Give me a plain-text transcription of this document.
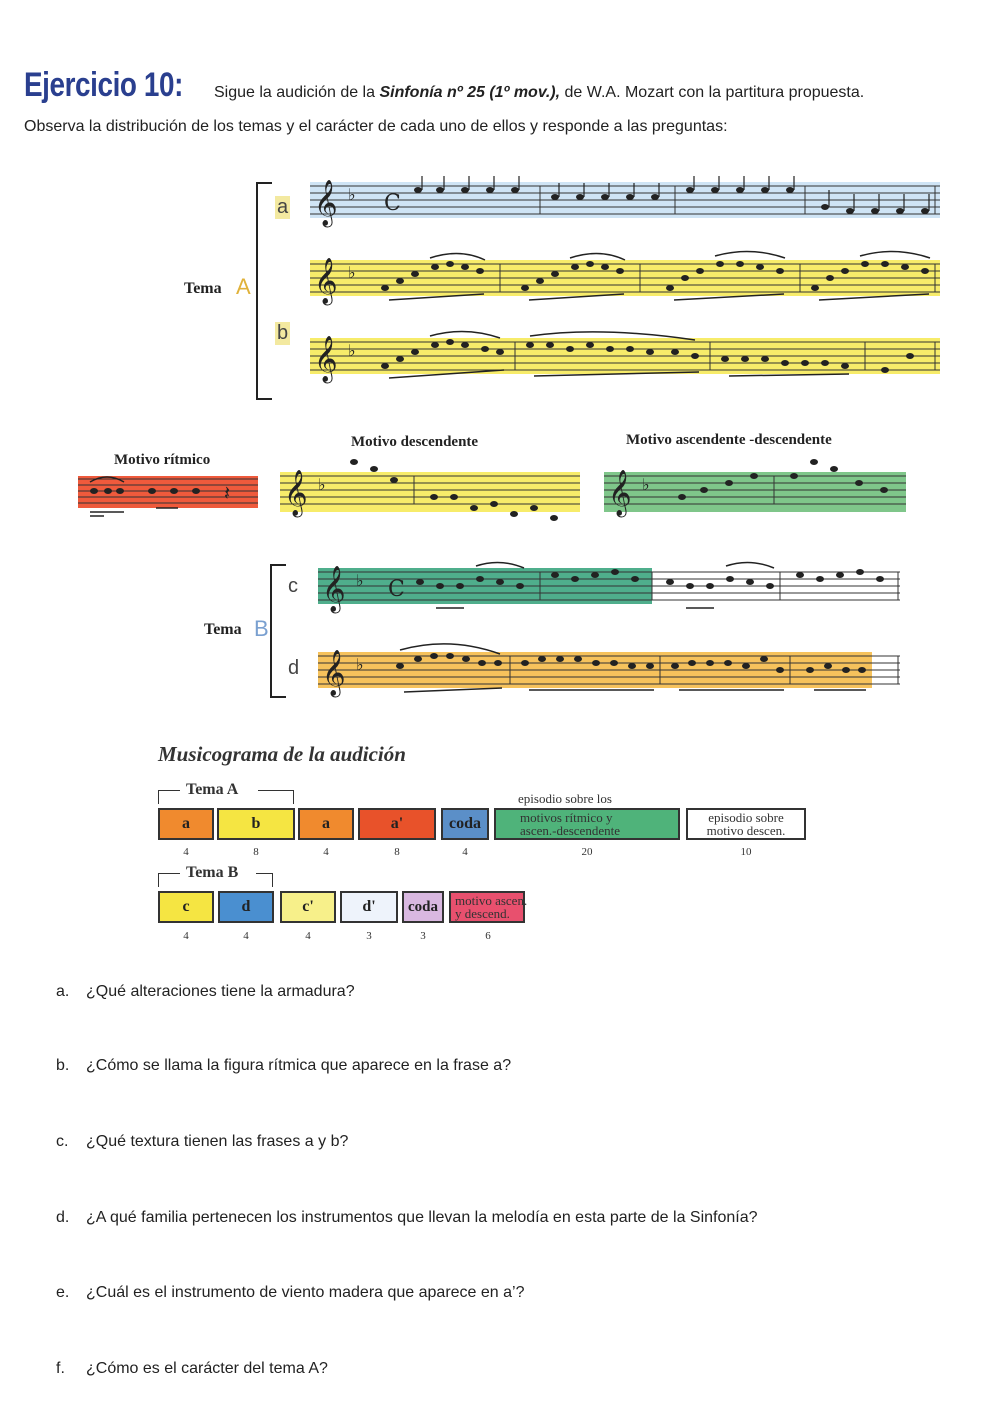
Ejercicio 10: Sigue la audición de la Sinfonía nº 25 (1º mov.), de W.A. Mozart con la partitura propuesta.
Observa la distribución de los temas y el carácter de cada uno de ellos y responde a las preguntas:
Tema A
a
b
𝄞 ♭ C
𝄞 ♭
𝄞 ♭
Motivo rítmico
Motivo descendente	Motivo ascendente -descendente
𝄽 𝄞 ♭	𝄞 ♭
Tema B
c
d
𝄞 ♭ C
𝄞 ♭
Musicograma de la audición
Tema A
a	b	a	a'	coda
episodio sobre los
motivos rítmico y
ascen.-descendente
episodio sobre
motivo descen.
4	8	4	8	4	20	10
Tema B
c	d	c'	d'	coda	motivo ascen.
y descend.
4	4	4	3	3	6
a. ¿Qué alteraciones tiene la armadura?
b. ¿Cómo se llama la figura rítmica que aparece en la frase a?
c. ¿Qué textura tienen las frases a y b?
d. ¿A qué familia pertenecen los instrumentos que llevan la melodía en esta parte de la Sinfonía?
e. ¿Cuál es el instrumento de viento madera que aparece en a’?
f. ¿Cómo es el carácter del tema A?
